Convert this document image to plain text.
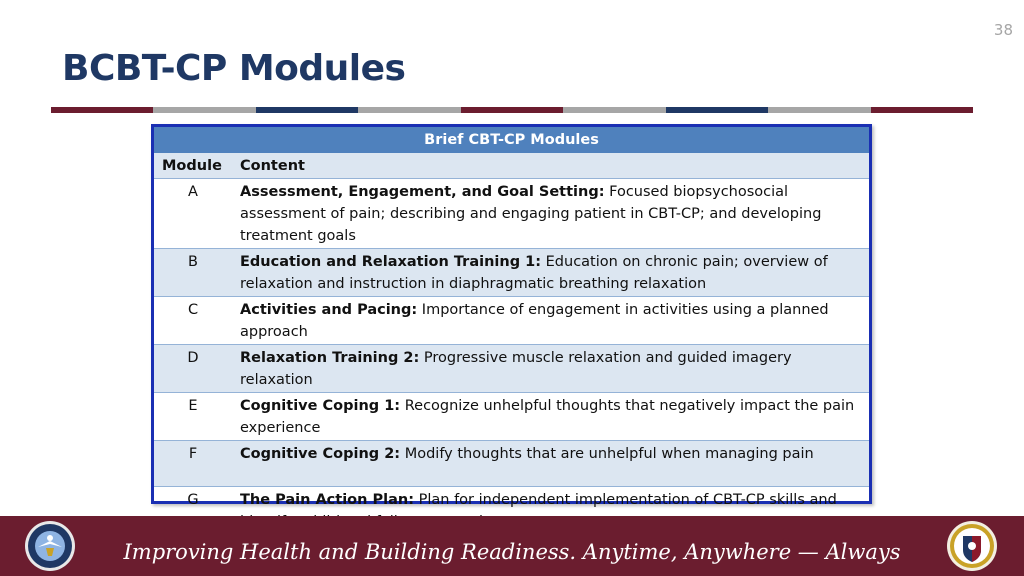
38
BCBT-CP Modules
Brief CBT-CP Modules	
Module	Content
A	Assessment, Engagement, and Goal Setting: Focused biopsychosocial assessment of pain; describing and engaging patient in CBT-CP; and developing treatment goals
B	Education and Relaxation Training 1: Education on chronic pain; overview of relaxation and instruction in diaphragmatic breathing relaxation
C	Activities and Pacing: Importance of engagement in activities using a planned approach
D	Relaxation Training 2: Progressive muscle relaxation and guided imagery relaxation
E	Cognitive Coping 1: Recognize unhelpful thoughts that negatively impact the pain experience
F	Cognitive Coping 2: Modify thoughts that are unhelpful when managing pain
G	The Pain Action Plan: Plan for independent implementation of CBT-CP skills and
Improving Health and Building Readiness. Anytime, Anywhere — Always
